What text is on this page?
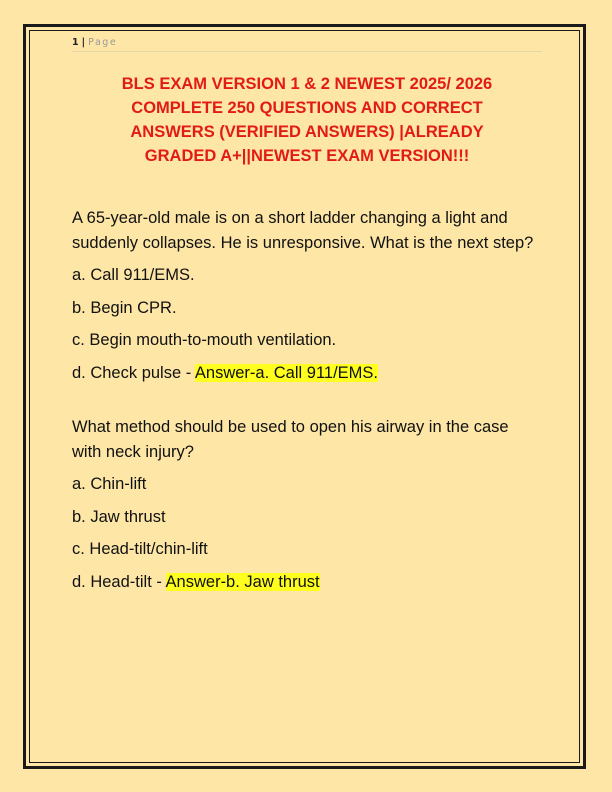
1 | Page
BLS EXAM VERSION 1 & 2 NEWEST 2025/ 2026
COMPLETE 250 QUESTIONS AND CORRECT
ANSWERS (VERIFIED ANSWERS) |ALREADY
GRADED A+||NEWEST EXAM VERSION!!!
A 65-year-old male is on a short ladder changing a light and suddenly collapses. He is unresponsive. What is the next step?
a. Call 911/EMS.
b. Begin CPR.
c. Begin mouth-to-mouth ventilation.
d. Check pulse - Answer-a. Call 911/EMS.
What method should be used to open his airway in the case with neck injury?
a. Chin-lift
b. Jaw thrust
c. Head-tilt/chin-lift
d. Head-tilt - Answer-b. Jaw thrust
